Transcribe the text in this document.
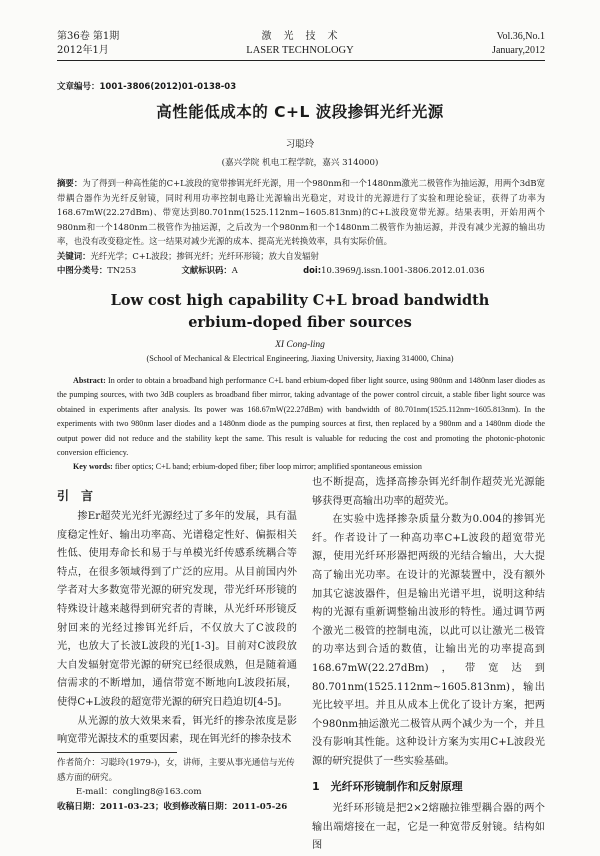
第36卷 第1期
2012年1月
激　光　技　术
LASER TECHNOLOGY
Vol.36,No.1
January,2012
文章编号：1001-3806(2012)01-0138-03
高性能低成本的 C+L 波段掺铒光纤光源
习聪玲
(嘉兴学院 机电工程学院，嘉兴 314000)
摘要：为了得到一种高性能的C+L波段的宽带掺铒光纤光源，用一个980nm和一个1480nm激光二极管作为抽运源，用两个3dB宽带耦合器作为光纤反射镜，同时利用功率控制电路让光源输出光稳定，对设计的光源进行了实验和理论验证，获得了功率为168.67mW(22.27dBm)、带宽达到80.701nm(1525.112nm~1605.813nm)的C+L波段宽带光源。结果表明，开始用两个980nm和一个1480nm二极管作为抽运源，之后改为一个980nm和一个1480nm二极管作为抽运源，并没有减少光源的输出功率，也没有改变稳定性。这一结果对减少光源的成本、提高光光转换效率，具有实际价值。
关键词：光纤光学；C+L波段；掺铒光纤；光纤环形镜；放大自发辐射
中图分类号：TN253	文献标识码：A	doi:10.3969/j.issn.1001-3806.2012.01.036
Low cost high capability C+L broad bandwidth
erbium-doped fiber sources
XI Cong-ling
(School of Mechanical & Electrical Engineering, Jiaxing University, Jiaxing 314000, China)
Abstract: In order to obtain a broadband high performance C+L band erbium-doped fiber light source, using 980nm and 1480nm laser diodes as the pumping sources, with two 3dB couplers as broadband fiber mirror, taking advantage of the power control circuit, a stable fiber light source was obtained in experiments after analysis. Its power was 168.67mW(22.27dBm) with bandwidth of 80.701nm(1525.112nm~1605.813nm). In the experiments with two 980nm laser diodes and a 1480nm diode as the pumping sources at first, then replaced by a 980nm and a 1480nm diode the output power did not reduce and the stability kept the same. This result is valuable for reducing the cost and promoting the photonic-photonic conversion efficiency.
Key words: fiber optics; C+L band; erbium-doped fiber; fiber loop mirror; amplified spontaneous emission
引　言

掺Er超荧光光纤光源经过了多年的发展，具有温度稳定性好、输出功率高、光谱稳定性好、偏振相关性低、使用寿命长和易于与单模光纤传感系统耦合等特点，在很多领域得到了广泛的应用。从目前国内外学者对大多数宽带光源的研究发现，带光纤环形镜的特殊设计越来越得到研究者的青睐，从光纤环形镜反射回来的光经过掺铒光纤后，不仅放大了C波段的光，也放大了长波L波段的光[1-3]。目前对C波段放大自发辐射宽带光源的研究已经很成熟，但是随着通信需求的不断增加，通信带宽不断地向L波段拓展，使得C+L波段的超宽带光源的研究日趋迫切[4-5]。

从光源的放大效果来看，铒光纤的掺杂浓度是影响宽带光源技术的重要因素，现在铒光纤的掺杂技术

作者简介：习聪玲(1979-)，女，讲师，主要从事光通信与光传感方面的研究。

E-mail：congling8@163.com

收稿日期：2011-03-23；收到修改稿日期：2011-05-26

也不断提高，选择高掺杂铒光纤制作超荧光光源能够获得更高输出功率的超荧光。

在实验中选择掺杂质量分数为0.004的掺铒光纤。作者设计了一种高功率C+L波段的超宽带光源，使用光纤环形器把两级的光结合输出，大大提高了输出光功率。在设计的光源装置中，没有额外加其它滤波器件，但是输出光谱平坦，说明这种结构的光源有重新调整输出波形的特性。通过调节两个激光二极管的控制电流，以此可以让激光二极管的功率达到合适的数值，让输出光的功率提高到168.67mW(22.27dBm)，带宽达到80.701nm(1525.112nm~1605.813nm)，输出光比较平坦。并且从成本上优化了设计方案，把两个980nm抽运激光二极管从两个减少为一个，并且没有影响其性能。这种设计方案为实用C+L波段光源的研究提供了一些实验基础。

1　光纤环形镜制作和反射原理

光纤环形镜是把2×2熔融拉锥型耦合器的两个输出端熔接在一起，它是一种宽带反射镜。结构如图
